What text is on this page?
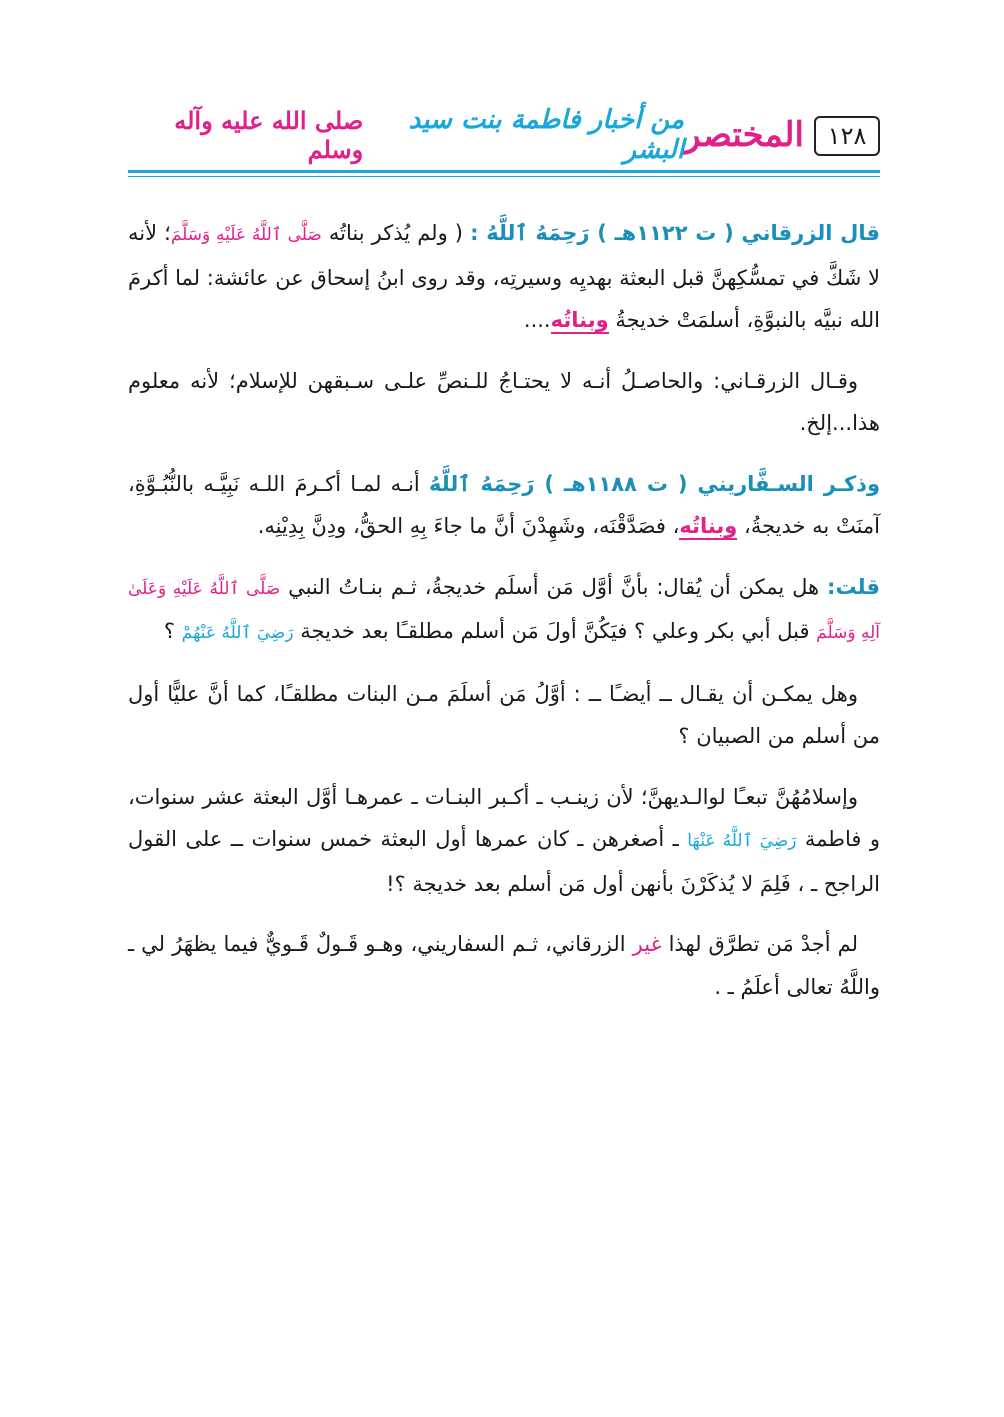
١٢٨
المختصر
من أخبار فاطمة بنت سيد البشر
صلى الله عليه وآله وسلم

قال الزرقاني ( ت ١١٢٢هـ ) رَحِمَهُ ٱللَّهُ : ( ولم يُذكر بناتُه صَلَّى ٱللَّهُ عَلَيْهِ وَسَلَّمَ؛ لأنه لا شَكَّ في تمسُّكِهنَّ قبل البعثة بهديِه وسيرتِه، وقد روى ابنُ إسحاق عن عائشة: لما أكرمَ الله نبيَّه بالنبوَّةِ، أسلمَتْ خديجةُ وبناتُه....

وقـال الزرقـاني: والحاصـلُ أنـه لا يحتـاجُ للـنصِّ علـى سـبقهن للإسلام؛ لأنه معلوم هذا...إلخ.

وذكـر السـفَّاريني ( ت ١١٨٨هـ ) رَحِمَهُ ٱللَّهُ أنـه لمـا أكـرمَ اللـه نَبِيَّـه بالنُّبُـوَّةِ، آمنَتْ به خديجةُ، وبناتُه، فصَدَّقْنَه، وشَهِدْنَ أنَّ ما جاءَ بِهِ الحقُّ، ودِنَّ بِدِيْنِه.

قلت: هل يمكن أن يُقال: بأنَّ أوَّل مَن أسلَم خديجةُ، ثـم بنـاتُ النبي صَلَّى ٱللَّهُ عَلَيْهِ وَعَلَىٰ آلِهِ وَسَلَّمَ قبل أبي بكر وعلي ؟ فيَكُنَّ أولَ مَن أسلم مطلقـًا بعد خديجة رَضِيَ ٱللَّهُ عَنْهُمْ ؟

وهل يمكـن أن يقـال ــ أيضـًا ــ : أوَّلُ مَن أسلَمَ مـن البنات مطلقـًا، كما أنَّ عليًّا أول من أسلم من الصبيان ؟

وإسلامُهُنَّ تبعـًا لوالـديهنَّ؛ لأن زينـب ـ أكـبر البنـات ـ عمرهـا أوَّل البعثة عشر سنوات، و فاطمة رَضِيَ ٱللَّهُ عَنْهَا ـ أصغرهن ـ كان عمرها أول البعثة خمس سنوات ــ على القول الراجح ـ ، فَلِمَ لا يُذكَرْنَ بأنهن أول مَن أسلم بعد خديجة ؟!

لم أجدْ مَن تطرَّق لهذا غير الزرقاني، ثـم السفاريني، وهـو قَـولٌ قَـويٌّ فيما يظهَرُ لي ـ واللَّهُ تعالى أعلَمُ ـ .
